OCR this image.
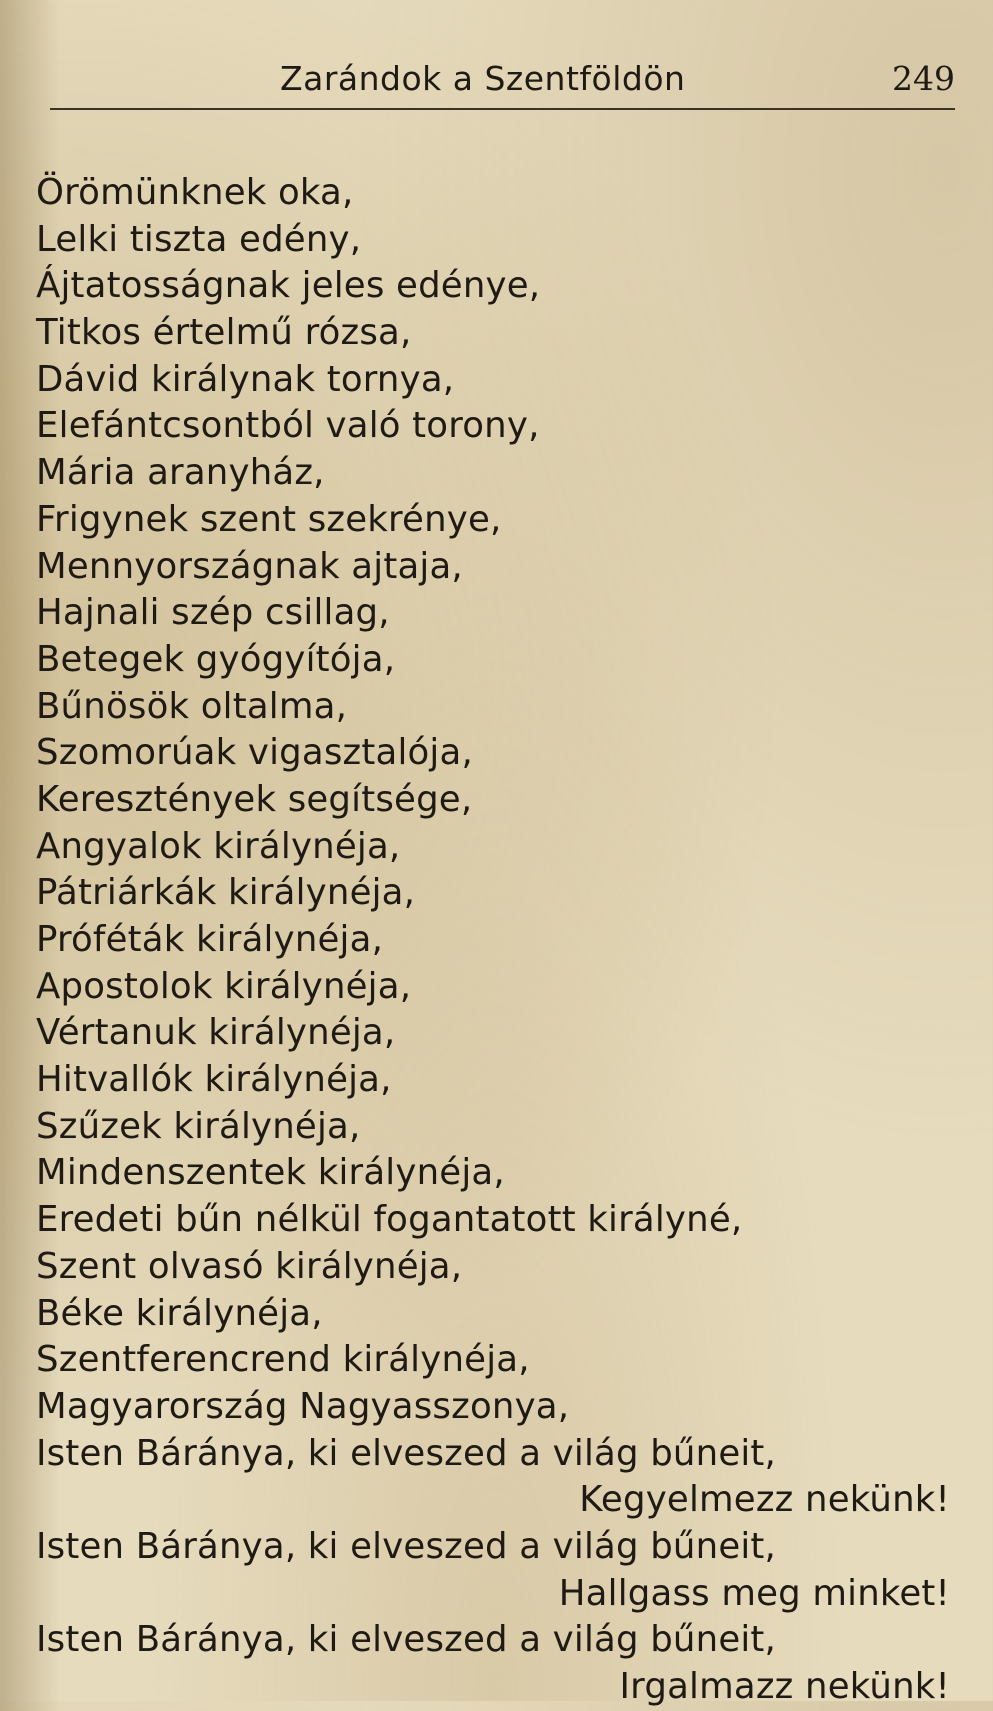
Zarándok a Szentföldön	249
Örömünknek oka,
Lelki tiszta edény,
Ájtatosságnak jeles edénye,
Titkos értelmű rózsa,
Dávid királynak tornya,
Elefántcsontból való torony,
Mária aranyház,
Frigynek szent szekrénye,
Mennyországnak ajtaja,
Hajnali szép csillag,
Betegek gyógyítója,
Bűnösök oltalma,
Szomorúak vigasztalója,
Keresztények segítsége,
Angyalok királynéja,
Pátriárkák királynéja,
Próféták királynéja,
Apostolok királynéja,
Vértanuk királynéja,
Hitvallók királynéja,
Szűzek királynéja,
Mindenszentek királynéja,
Eredeti bűn nélkül fogantatott királyné,
Szent olvasó királynéja,
Béke királynéja,
Szentferencrend királynéja,
Magyarország Nagyasszonya,
Isten Báránya, ki elveszed a világ bűneit,
Kegyelmezz nekünk!
Isten Báránya, ki elveszed a világ bűneit,
Hallgass meg minket!
Isten Báránya, ki elveszed a világ bűneit,
Irgalmazz nekünk!
